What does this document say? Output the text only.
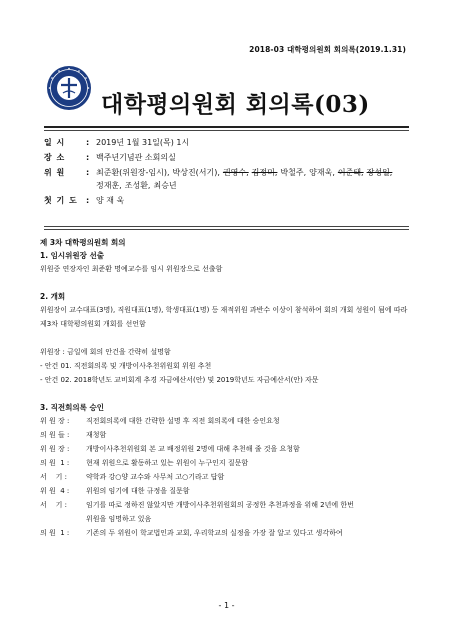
2018-03 대학평의원회 회의록(2019.1.31)
대학평의원회 회의록(03)
일 시	: 2019년 1월 31일(목) 1시
장 소	: 백주년기념관 소회의실
위 원	: 최준환(위원장-임시), 박상진(서기), 권영수, 김정미, 박철주, 양재욱, 이준태, 장성일,
정재훈, 조성환, 최승년
첫 기 도	: 양 재 욱

제 3차 대학평의원회 회의

1. 임시위원장 선출

위원중 연장자인 최준환 명예교수를 임시 위원장으로 선출함

2. 개회

위원장이 교수대표(3명), 직원대표(1명), 학생대표(1명) 등 재적위원 과반수 이상이 참석하여 회의 개회 성원이 됨에 따라 제3차 대학평의원회 개회를 선언함

위원장 : 금일에 회의 안건을 간략히 설명함

- 안건 01. 직전회의록 및 개방이사추천위원회 위원 추천

- 안건 02. 2018학년도 교비회계 추경 자금예산서(안) 및 2019학년도 자금예산서(안) 자문

3. 직전회의록 승인

위 원 장 :	직전회의록에 대한 간략한 설명 후 직전 회의록에 대한 승인요청
의 원 들 :	재청함
위 원 장 :	개방이사추천위원회 본 교 배정위원 2명에 대해 추천해 줄 것을 요청함
의 원  1 :	현재 위원으로 활동하고 있는 위원이 누구인지 질문함
서    기 :	약학과 강○양 교수와 사무처 고○기라고 답함
위 원  4 :	위원의 임기에 대한 규정을 질문함
서    기 :	임기를 따로 정하진 않았지만 개방이사추천위원회의 공정한 추천과정을 위해 2년에 한번
위원을 임명하고 있음
의 원  1 :	기존의 두 위원이 학교법인과 교회, 우리학교의 실정을 가장 잘 알고 있다고 생각하여
- 1 -
